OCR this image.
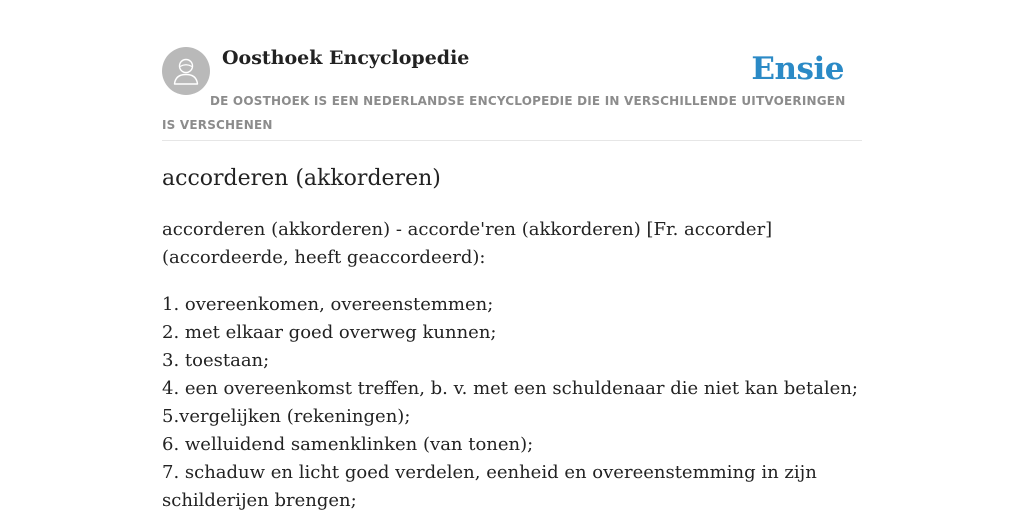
Oosthoek Encyclopedie	Ensie

DE OOSTHOEK IS EEN NEDERLANDSE ENCYCLOPEDIE DIE IN VERSCHILLENDE UITVOERINGEN IS VERSCHENEN

accorderen (akkorderen)

accorderen (akkorderen) - accorde'ren (akkorderen) [Fr. accorder] (accordeerde, heeft geaccordeerd):

1. overeenkomen, overeenstemmen;
2. met elkaar goed overweg kunnen;
3. toestaan;
4. een overeenkomst treffen, b. v. met een schuldenaar die niet kan betalen;
5.vergelijken (rekeningen);
6. welluidend samenklinken (van tonen);
7. schaduw en licht goed verdelen, eenheid en overeenstemming in zijn schilderijen brengen;
